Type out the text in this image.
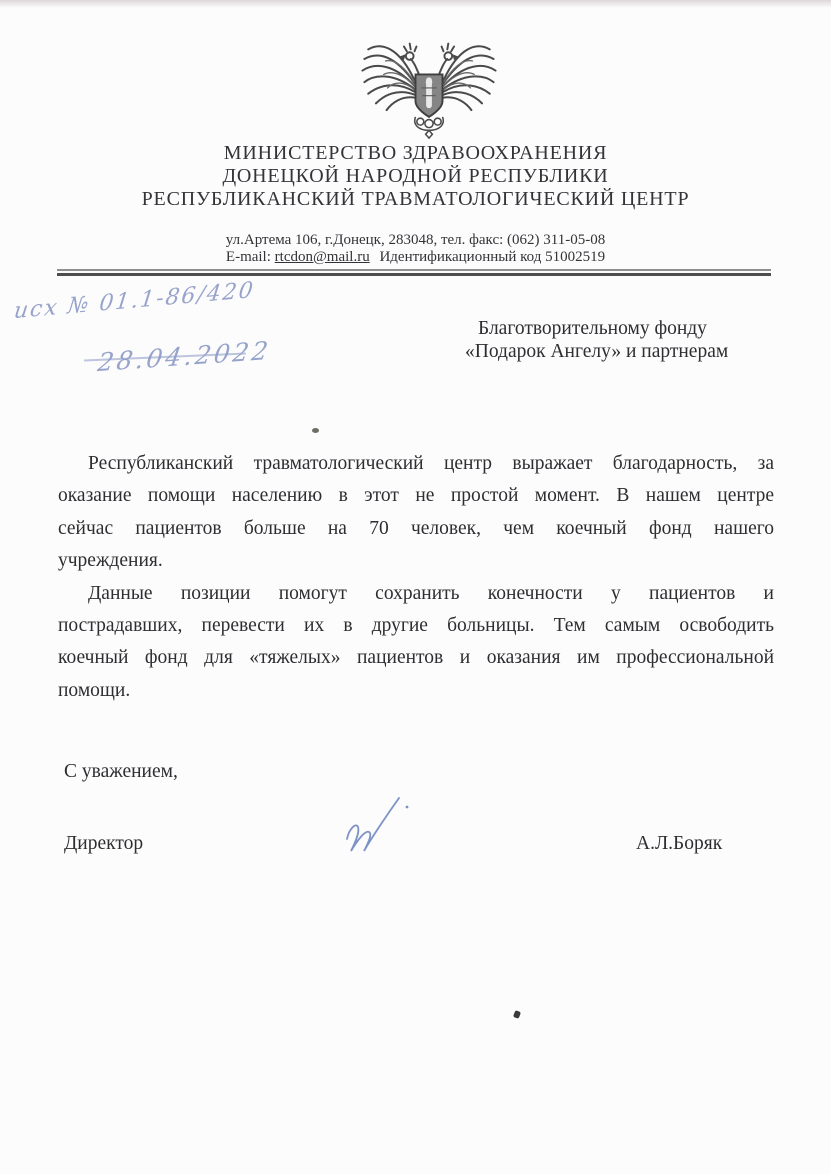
МИНИСТЕРСТВО ЗДРАВООХРАНЕНИЯ
ДОНЕЦКОЙ НАРОДНОЙ РЕСПУБЛИКИ
РЕСПУБЛИКАНСКИЙ ТРАВМАТОЛОГИЧЕСКИЙ ЦЕНТР
ул.Артема 106, г.Донецк, 283048, тел. факс: (062) 311-05-08
E-mail: rtcdon@mail.ru Идентификационный код 51002519
исх № 01.1-86/420
28.04.2022
Благотворительному фонду
«Подарок Ангелу» и партнерам

Республиканский травматологический центр выражает благодарность, за оказание помощи населению в этот не простой момент. В нашем центре сейчас пациентов больше на 70 человек, чем коечный фонд нашего учреждения.

Данные позиции помогут сохранить конечности у пациентов и пострадавших, перевести их в другие больницы. Тем самым освободить коечный фонд для «тяжелых» пациентов и оказания им профессиональной помощи.

С уважением,
Директор	А.Л.Боряк
